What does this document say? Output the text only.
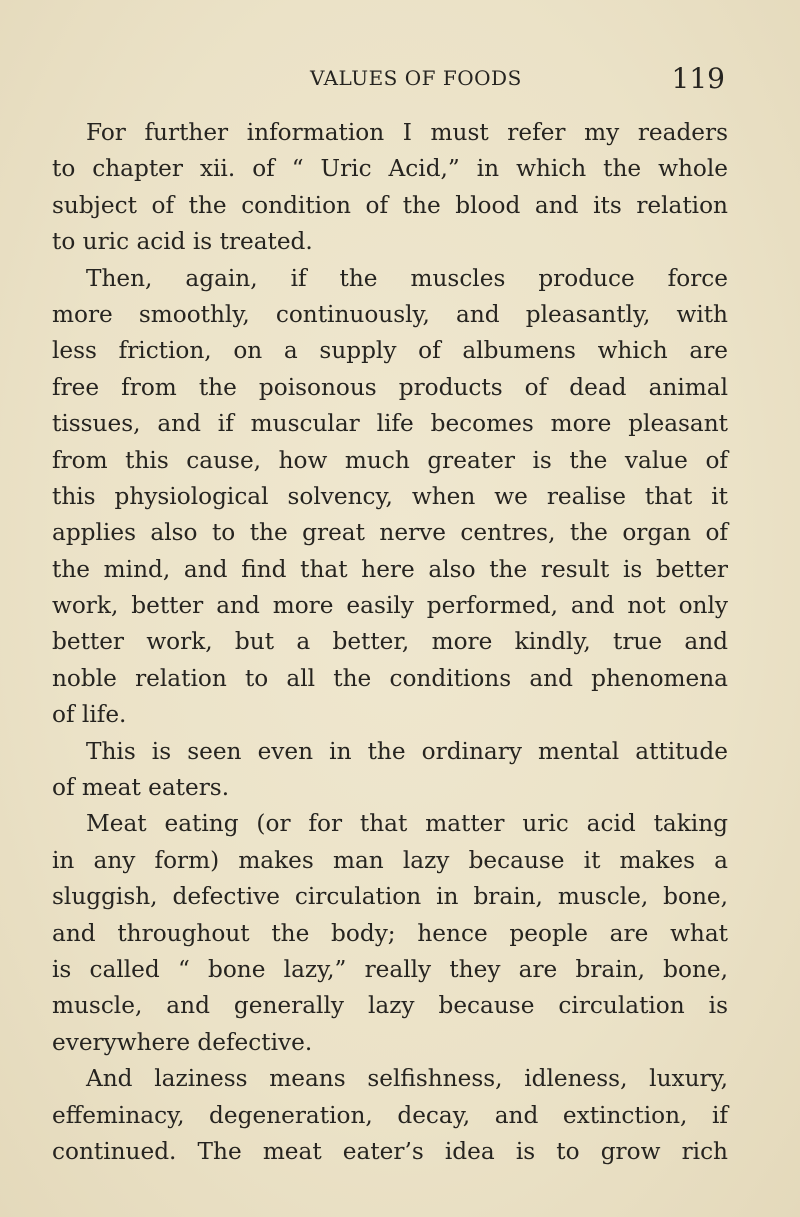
VALUES OF FOODS	119
For further information I must refer my readers
to chapter xii. of “ Uric Acid,” in which the whole
subject of the condition of the blood and its relation
to uric acid is treated.
Then, again, if the muscles produce force
more smoothly, continuously, and pleasantly, with
less friction, on a supply of albumens which are
free from the poisonous products of dead animal
tissues, and if muscular life becomes more pleasant
from this cause, how much greater is the value of
this physiological solvency, when we realise that it
applies also to the great nerve centres, the organ of
the mind, and find that here also the result is better
work, better and more easily performed, and not only
better work, but a better, more kindly, true and
noble relation to all the conditions and phenomena
of life.
This is seen even in the ordinary mental attitude
of meat eaters.
Meat eating (or for that matter uric acid taking
in any form) makes man lazy because it makes a
sluggish, defective circulation in brain, muscle, bone,
and throughout the body; hence people are what
is called “ bone lazy,” really they are brain, bone,
muscle, and generally lazy because circulation is
everywhere defective.
And laziness means selfishness, idleness, luxury,
effeminacy, degeneration, decay, and extinction, if
continued. The meat eater’s idea is to grow rich
